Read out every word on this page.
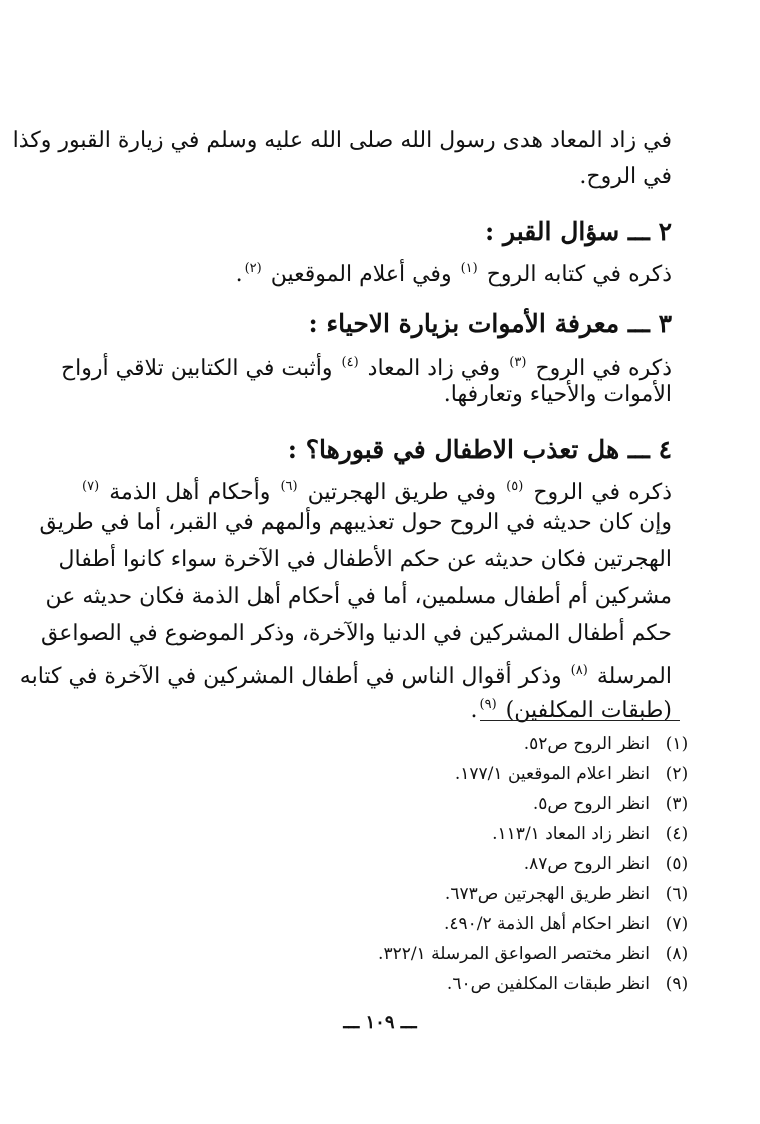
في زاد المعاد هدى رسول الله صلى الله عليه وسلم في زيارة القبور وكذا
في الروح.
٢ ـــ سؤال القبر :
ذكره في كتابه الروح $^{(١)}$ وفي أعلام الموقعين $^{(٢)}$.
٣ ـــ معرفة الأموات بزيارة الاحياء :
ذكره في الروح $^{(٣)}$ وفي زاد المعاد $^{(٤)}$ وأثبت في الكتابين تلاقي أرواح
الأموات والأحياء وتعارفها.
٤ ـــ هل تعذب الاطفال في قبورها؟ :
ذكره في الروح $^{(٥)}$ وفي طريق الهجرتين $^{(٦)}$ وأحكام أهل الذمة $^{(٧)}$
وإن كان حديثه في الروح حول تعذيبهم وألمهم في القبر، أما في طريق
الهجرتين فكان حديثه عن حكم الأطفال في الآخرة سواء كانوا أطفال
مشركين أم أطفال مسلمين، أما في أحكام أهل الذمة فكان حديثه عن
حكم أطفال المشركين في الدنيا والآخرة، وذكر الموضوع في الصواعق
المرسلة $^{(٨)}$ وذكر أقوال الناس في أطفال المشركين في الآخرة في كتابه
(طبقات المكلفين) $^{(٩)}$.
(١)انظر الروح ص٥٢.
(٢)انظر اعلام الموقعين ١٧٧/١.
(٣)انظر الروح ص٥.
(٤)انظر زاد المعاد ١١٣/١.
(٥)انظر الروح ص٨٧.
(٦)انظر طريق الهجرتين ص٦٧٣.
(٧)انظر احكام أهل الذمة ٤٩٠/٢.
(٨)انظر مختصر الصواعق المرسلة ٣٢٢/١.
(٩)انظر طبقات المكلفين ص٦٠.
ـــ ١٠٩ ـــ
